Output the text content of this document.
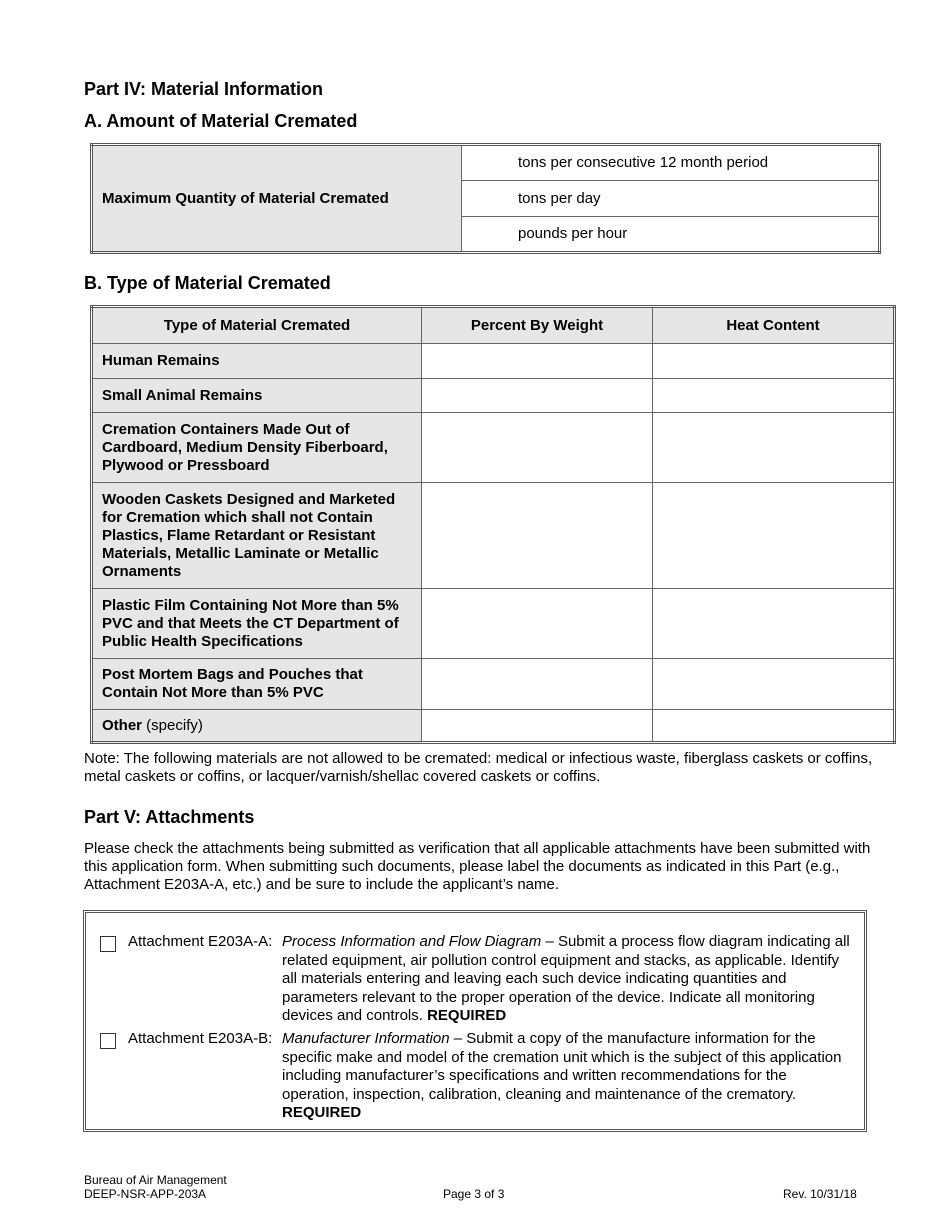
Part IV: Material Information
A. Amount of Material Cremated
Maximum Quantity of Material Cremated	tons per consecutive 12 month period
tons per day
pounds per hour
B. Type of Material Cremated
Type of Material Cremated	Percent By Weight	Heat Content
Human Remains		
Small Animal Remains		
Cremation Containers Made Out of Cardboard, Medium Density Fiberboard, Plywood or Pressboard		
Wooden Caskets Designed and Marketed for Cremation which shall not Contain Plastics, Flame Retardant or Resistant Materials, Metallic Laminate or Metallic Ornaments		
Plastic Film Containing Not More than 5% PVC and that Meets the CT Department of Public Health Specifications		
Post Mortem Bags and Pouches that Contain Not More than 5% PVC		
Other (specify)		

Note: The following materials are not allowed to be cremated: medical or infectious waste, fiberglass caskets or coffins, metal caskets or coffins, or lacquer/varnish/shellac covered caskets or coffins.

Part V: Attachments

Please check the attachments being submitted as verification that all applicable attachments have been submitted with this application form. When submitting such documents, please label the documents as indicated in this Part (e.g., Attachment E203A-A, etc.) and be sure to include the applicant’s name.

Attachment E203A-A: Process Information and Flow Diagram – Submit a process flow diagram indicating all related equipment, air pollution control equipment and stacks, as applicable. Identify all materials entering and leaving each such device indicating quantities and parameters relevant to the proper operation of the device. Indicate all monitoring devices and controls. REQUIRED
Attachment E203A-B: Manufacturer Information – Submit a copy of the manufacture information for the specific make and model of the cremation unit which is the subject of this application including manufacturer’s specifications and written recommendations for the operation, inspection, calibration, cleaning and maintenance of the crematory. REQUIRED
Bureau of Air Management
DEEP-NSR-APP-203A	Page 3 of 3	Rev. 10/31/18
